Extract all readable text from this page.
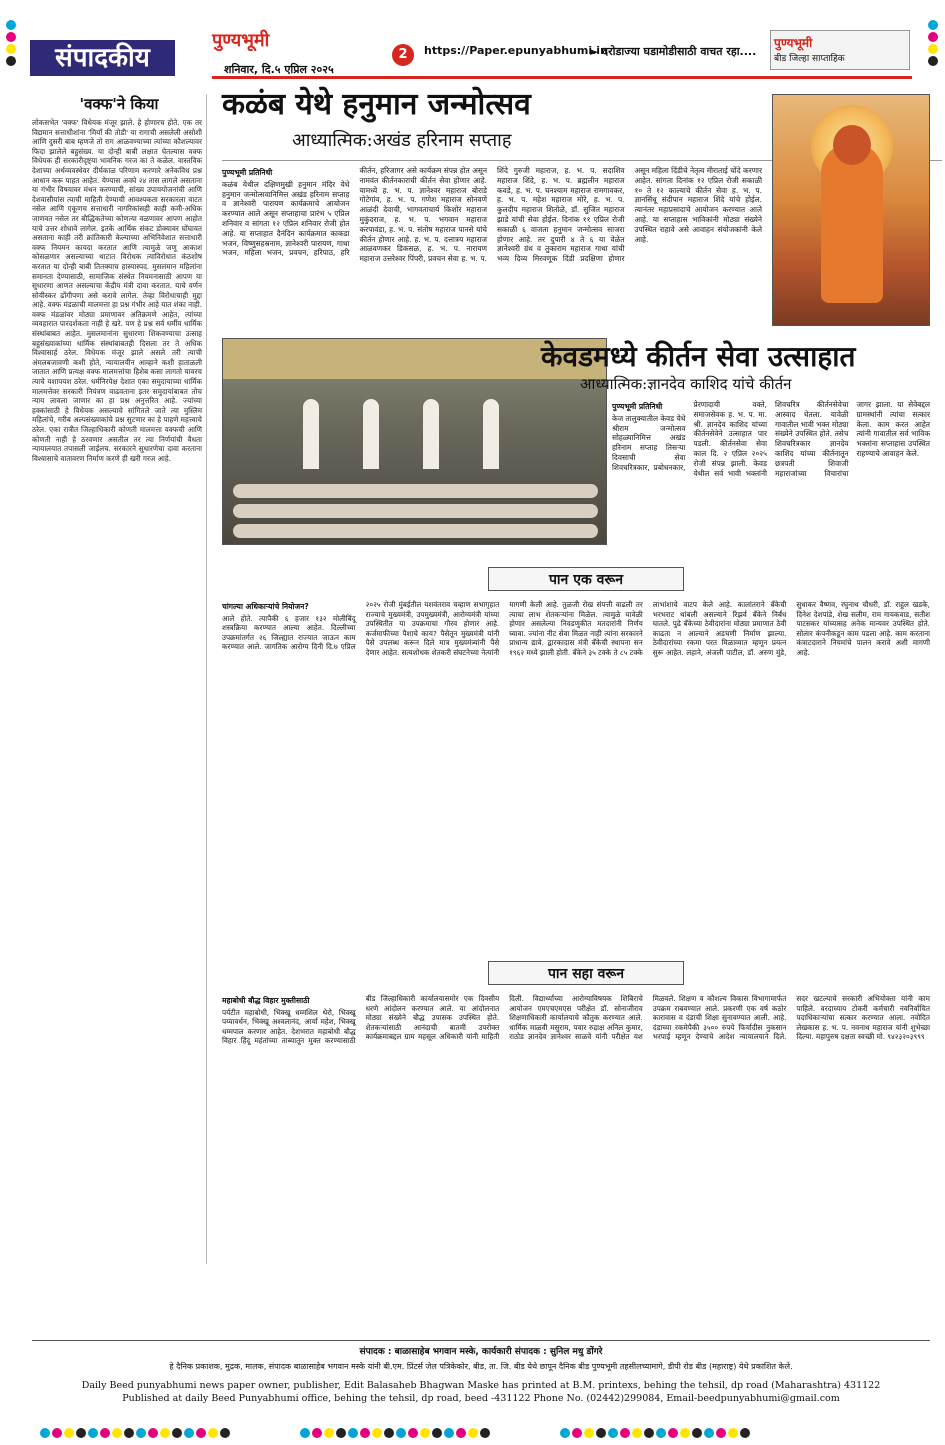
संपादकीय
पुण्यभूमी
2
शनिवार, दि.५ एप्रिल २०२५
https://Paper.epunyabhumi.in
► दरोडाज्या घडामोडीसाठी वाचत रहा....
पुण्यभूमी
बीड जिल्हा साप्ताहिक
'वक्फ'ने किया
लोकसभेत 'वक्फ' विधेयक मंजूर झाले. हे होणारच होते. एक तर विद्यमान सत्ताधीशांना 'मियाँ की तोडी' या रागाची असलेली असोशी आणि दुसरी बाब म्हणजे तो राग आळवण्याच्या त्यांच्या कौशल्यावर फिदा झालेले बहुसंख्य. या दोन्ही बाबी लक्षात घेतल्यास वक्फ विधेयक ही सरकारीदृष्ट्या भावनिक गरज का ते कळेल. वास्तविक देशाच्या अर्थव्यवस्थेवर दीर्घकाळ परिणाम करणारे अनेकविध प्रश्न आधान करू पाहत आहेत. येण्यास अवघे २४ तास लागले असताना या गंभीर विषयावर मंथन करण्याची, सांख्य उपाययोजनांची आणि देशवासीयांस त्याची माहिती देण्याची आवश्यकता सरकारला वाटत नसेल आणि एकूणच सत्ताधारी नागरिकांसही काही कमी-अधिक जाणवत नसेल तर बौद्धिकतेच्या कोणत्या वळणावर आपण आहोत याचे उत्तर शोधावे लागेल. इतके आर्थिक संकट डोक्यावर घोंघावत असताना काही तरी क्रांतिकारी केल्याच्या अभिनिवेशात सत्ताधारी वक्फ नियमन कायदा करतात आणि त्यामुळे जणू आकाश कोसळणार असल्याच्या थाटात विरोधक त्याविरोधात कंठशोष करतात या दोन्ही बाबी तितक्याच हास्यास्पद. मुसलमान महिलांना समानता देण्यासाठी, सामाजिक संस्थेत नियमनासाठी आपण या सुधारणा आणत असल्याचा केंद्रीय मंत्री दावा करतात. याचे वर्णन सोयीस्कर ढोंगीपणा असे करावे लागेल. तेव्हा विरोधाचाही मुद्दा आहे. वक्फ मंडळाची मालमत्ता हा प्रश्न गंभीर आहे यात शंका नाही. वक्फ मंडळांवर मोठ्या प्रमाणावर अतिक्रमणे आहेत, त्यांच्या व्यवहारात पारदर्शकता नाही हे खरे. पण हे प्रश्न सर्व धर्मीय धार्मिक संस्थांबाबत आहेत. मुसलमानांना सुधारणा शिकवण्याचा उत्साह बहुसंख्याकांच्या धार्मिक संस्थांबाबतही दिसला तर ते अधिक विश्वासार्ह ठरेल. विधेयक मंजूर झाले असले तरी त्याची अंमलबजावणी कशी होते, न्यायालयीन आव्हाने कशी हाताळली जातात आणि प्रत्यक्ष वक्फ मालमत्तांचा हिशेब कसा लागतो यावरच त्याचे यशापयश ठरेल. धर्मनिरपेक्ष देशात एका समुदायाच्या धार्मिक मालमत्तेवर सरकारी नियंत्रण वाढवताना इतर समुदायांबाबत तोच न्याय लावला जाणार का हा प्रश्न अनुत्तरित आहे. ज्यांच्या हक्कांसाठी हे विधेयक असल्याचे सांगितले जाते त्या मुस्लिम महिलांचे, गरीब अल्पसंख्याकांचे प्रश्न सुटणार का हे पाहणे महत्त्वाचे ठरेल. एका रात्रीत जिल्हाधिकारी कोणती मालमत्ता वक्फची आणि कोणती नाही हे ठरवणार असतील तर त्या निर्णयांची वैधता न्यायालयात तपासली जाईलच. सरकारने सुधारणेचा दावा करताना विश्वासाचे वातावरण निर्माण करणे ही खरी गरज आहे.
कळंब येथे हनुमान जन्मोत्सव
आध्यात्मिक:अखंड हरिनाम सप्ताह
पुण्यभूमी प्रतिनिधी
कळंब येथील दक्षिणमुखी हनुमान मंदिर येथे हनुमान जन्मोत्सवानिमित्त अखंड हरिनाम सप्ताह व ज्ञानेश्वरी पारायण कार्यक्रमाचे आयोजन करण्यात आले असून सप्ताहाचा प्रारंभ ५ एप्रिल शनिवार व सांगता १२ एप्रिल शनिवार रोजी होत आहे. या सप्ताहात दैनंदिन कार्यक्रमात काकडा भजन, विष्णुसहस्रनाम, ज्ञानेश्वरी पारायण, गाथा भजन, महिला भजन, प्रवचन, हरिपाठ, हरि कीर्तन, हरिजागर असे कार्यक्रम संपन्न होत असून नामवंत कीर्तनकाराची कीर्तन सेवा होणार आहे. यामध्ये ह. भ. प. ज्ञानेश्वर महाराज बोराडे गोटेगांव, ह. भ. प. गणेश महाराज सोनवणे आळंदी देवाची, भागवताचार्य किशोर महाराज मुकुंदराज, ह. भ. प. भगवान महाराज करपावंडा, ह. भ. प. संतोष महाराज पानसे यांचे कीर्तन होणार आहे. ह. भ. प. दत्तात्रय महाराज आळवणकर डिकसळ, ह. भ. प. नारायण महाराज उत्तरेश्वर पिंपरी, प्रवचन सेवा ह. भ. प. शिंदे गुरुजी महाराज, ह. भ. प. सदाशिव महाराज शिंदे, ह. भ. प. ब्रह्मलीन महाराज कवडे, ह. भ. प. घनश्याम महाराज रामगावकर, ह. भ. प. महेश महाराज मोरे, ह. भ. प. कुलदीप महाराज शितोळे, डॉ. सुजित महाराज झाडे यांची सेवा होईल. दिनांक ११ एप्रिल रोजी सकाळी ६ वाजता हनुमान जन्मोत्सव साजरा होणार आहे. तर दुपारी ४ ते ६ या वेळेत ज्ञानेश्वरी ग्रंथ व तुकाराम महाराज गाथा यांची भव्य दिव्य मिरवणूक दिंडी प्रदक्षिणा होणार असून महिला दिंडीचे नेतृत्व मीराताई चोंदे करणार आहेत. सांगता दिनांक १२ एप्रिल रोजी सकाळी १० ते १२ काल्याचे कीर्तन सेवा ह. भ. प. ज्ञानसिंधू संदीपान महाराज शिंदे यांचे होईल. त्यानंतर महाप्रसादाचे आयोजन करण्यात आले आहे. या सप्ताहास भाविकांनी मोठ्या संख्येने उपस्थित राहावे असे आवाहन संयोजकांनी केले आहे.
केवडमध्ये कीर्तन सेवा उत्साहात
आध्यात्मिक:ज्ञानदेव काशिद यांचे कीर्तन
पुण्यभूमी प्रतिनिधी
केज तालुक्यातील केवड येथे श्रीराम जन्मोत्सव सोहळ्यानिमित्त अखंड हरिनाम सप्ताह तिसऱ्या दिवसाची सेवा शिवचरित्रकार, प्रबोधनकार, प्रेरणादायी वक्ते, समाजसेवक ह. भ. प. मा. श्री. ज्ञानदेव काशिद यांच्या कीर्तनसेवेने उत्साहात पार पडली. कीर्तनसेवा सेवा काल दि. २ एप्रिल २०२५ रोजी संपन्न झाली. केवड येथील सर्व भावी भक्तांनी शिवचरित्र कीर्तनसेवेचा आस्वाद घेतला. यावेळी गावातील भावी भक्त मोठ्या संख्येने उपस्थित होते. तसेच शिवचरित्रकार ज्ञानदेव काशिद यांच्या कीर्तनातून छत्रपती शिवाजी महाराजांच्या विचारांचा जागर झाला. या सेवेबद्दल ग्रामस्थांनी त्यांचा सत्कार केला. काम करत आहेत त्यांनी गावातील सर्व भाविक भक्तांना सप्ताहास उपस्थित राहण्याचे आवाहन केले.
पान एक वरून
चांगल्या अधिकाऱ्यांचे नियोजन?
आले होते. त्यापैकी ६ हजार १३२ मोलीबिंदू शस्त्रक्रिया करण्यात आल्या आहेत. दिल्लीच्या उपक्रमांतर्गत २६ जिल्ह्यात राज्यात जाऊन काम करण्यात आले. जागतिक आरोग्य दिनी दि.७ एप्रिल २०२५ रोजी मुंबईतील यशवंतराव चव्हाण सभागृहात राज्याचे मुख्यमंत्री, उपमुख्यमंत्री, आरोग्यमंत्री यांच्या उपस्थितीत या उपक्रमाचा गौरव होणार आहे. कर्जमाफीच्या पैशाचे काय? पैसेतून मुख्यमंत्री यांनी पैसे उपलब्ध करून दिले मात्र मुख्यमंत्र्यांनी पैसे देणार आहेत. सत्यशोधक शेतकरी संघटनेच्या नेत्यांनी मागणी केली आहे. तुळजी रोख संपत्ती वाढली तर त्याचा लाभ शेतकऱ्यांना मिळेल. त्यामुळे यावेळी होणार असलेल्या निवडणुकीत मतदारांनी निर्णय घ्यावा. ज्यांना नीट सेवा मिळत नाही त्यांना सरकारने प्राधान्य द्यावे. द्वारकादास मंत्री बँकेची स्थापना सन १९६२ मध्ये झाली होती. बँकेने ३५ टक्के ते ८५ टक्के लाभांशाचे वाटप केले आहे. कालांतराने बँकेची भरभराट थांबली असल्याने रिझर्व बँकेने निर्बंध घातले. पुढे बँकेच्या ठेवीदारांना मोठ्या प्रमाणात ठेवी काढता न आल्याने अडचणी निर्माण झाल्या. ठेवीदारांच्या रकमा परत मिळाव्यात म्हणून प्रयत्न सुरू आहेत. लहाने, अंजली पाटील, डॉ. अरुण मुंडे, सुधाकर वैष्णव, रघुनाथ चौधरी, डॉ. राहुल खडके, दिनेश देशपांडे, शेख सलीम, राम गायकवाड, सतीश पाटसकर यांच्यासह अनेक मान्यवर उपस्थित होते. सोलार कंपनीकडून काम पडला आहे. काम करताना कंत्राटदाराने नियमांचे पालन करावे अशी मागणी आहे.
पान सहा वरून
महाबोधी बौद्ध विहार मुक्तीसाठी
पर्यटीत महाबोधी, भिक्खू धम्मशिल थेरो, भिक्खू पय्यावर्धन, भिक्खू अश्वलानंद, आर्या महेश, भिक्खू धम्मपाल करणार आहेत. देशभरात महाबोधी बौद्ध विहार हिंदू महंतांच्या ताब्यातून मुक्त करण्यासाठी बीड जिल्हाधिकारी कार्यालयासमोर एक दिवसीय धरणे आंदोलन करण्यात आले. या आंदोलनात मोठ्या संख्येने बौद्ध उपासक उपस्थित होते. शेतकऱ्यांसाठी आनंदाची बातमी उपरोक्त कार्यक्रमाबद्दल ग्राम महसूल अधिकारी यांनी माहिती दिली. विद्यार्थ्यांच्या आरोग्याविषयक शिबिराचे आयोजन एमएचएमएस परीक्षेत डॉ. सोनाजीराव शिक्षणाधिकारी कार्यालयाचे कौतुक करण्यात आले. धार्मिक माळवी मसुराम, पवार रुद्राक्ष अनिल कुमार, राठोड ज्ञानदेव ज्ञानेश्वर साळवे यांनी परीक्षेत यश मिळवले. शिक्षण व कौशल्य विकास विभागामार्फत उपक्रम राबवण्यात आले. प्रकरणी एक वर्ष कठोर कारावास व दंडाची शिक्षा सुनावण्यात आली. आहे. दंडाच्या रकमेपैकी ३५०० रुपये फिर्यादीस नुकसान भरपाई म्हणून देण्याचे आदेश न्यायालयाने दिले. सदर खटल्याचे सरकारी अभियोक्ता यांनी काम पाहिले. वरदाच्याय टोकरी कर्मचारी नवनिर्वाचित पदाधिकाऱ्यांचा सत्कार करण्यात आला. नवोदित लेखकास ह. भ. प. नवनाथ महाराज यांनी शुभेच्छा दिल्या. महापुरुष दक्षता स्वच्छी मो. ९४२३२०३९९९
संपादक : बाळासाहेब भगवान मस्के, कार्यकारी संपादक : सुनिल मधु डोंगरे
हे दैनिक प्रकाशक, मुद्रक, मालक, संपादक बाळासाहेब भगवान मस्के यांनी बी.एम. प्रिंटर्स जेल पत्रिकेकोर, बीड, ता. जि. बीड येथे छापून दैनिक बीड पुण्यभूमी तहसीलच्यामागे, डीपी रोड बीड (महाराष्ट्र) येथे प्रकाशित केले.
Daily Beed punyabhumi news paper owner, publisher, Edit Balasaheb Bhagwan Maske has printed at B.M. printexs, behing the tehsil, dp road (Maharashtra) 431122
Published at daily Beed Punyabhumi office, behing the tehsil, dp road, beed -431122 Phone No. (02442)299084, Email-beedpunyabhumi@gmail.com
